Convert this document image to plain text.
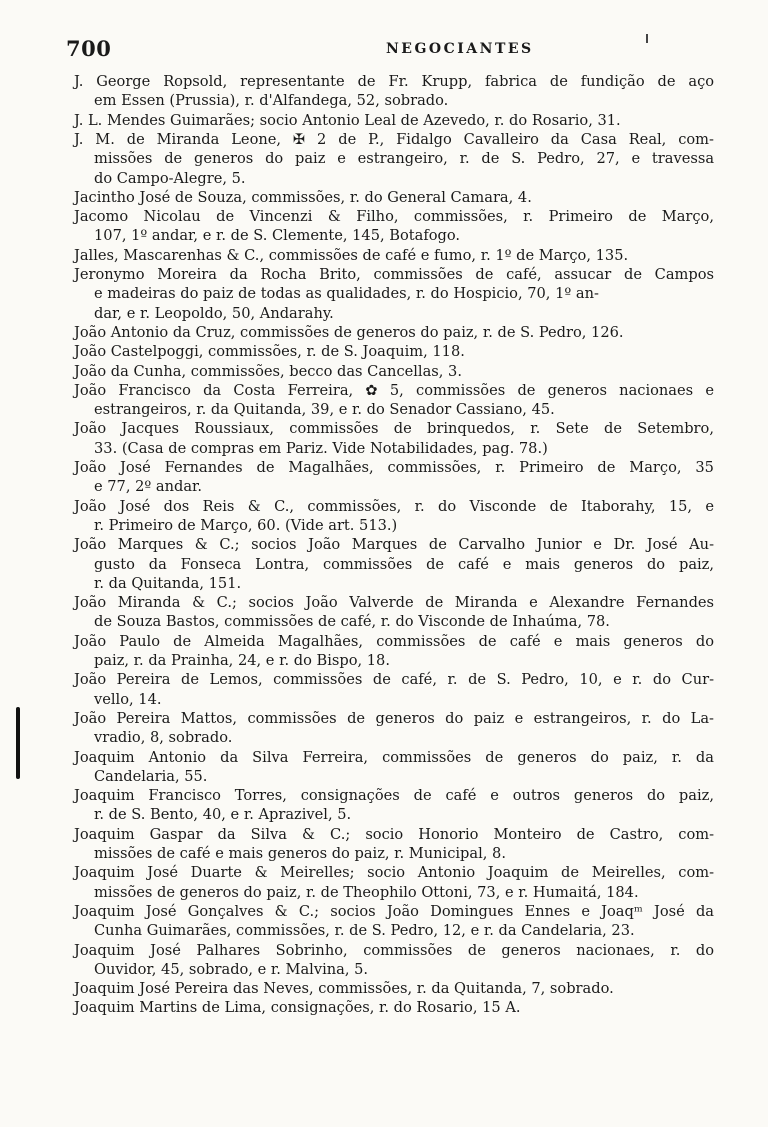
700	NEGOCIANTES
J. George Ropsold, representante de Fr. Krupp, fabrica de fundição de aço
em Essen (Prussia), r. d'Alfandega, 52, sobrado.
J. L. Mendes Guimarães; socio Antonio Leal de Azevedo, r. do Rosario, 31.
J. M. de Miranda Leone, ✠ 2 de P., Fidalgo Cavalleiro da Casa Real, com-
missões de generos do paiz e estrangeiro, r. de S. Pedro, 27, e travessa
do Campo-Alegre, 5.
Jacintho José de Souza, commissões, r. do General Camara, 4.
Jacomo Nicolau de Vincenzi & Filho, commissões, r. Primeiro de Março,
107, 1º andar, e r. de S. Clemente, 145, Botafogo.
Jalles, Mascarenhas & C., commissões de café e fumo, r. 1º de Março, 135.
Jeronymo Moreira da Rocha Brito, commissões de café, assucar de Campos
e madeiras do paiz de todas as qualidades, r. do Hospicio, 70, 1º an-
dar, e r. Leopoldo, 50, Andarahy.
João Antonio da Cruz, commissões de generos do paiz, r. de S. Pedro, 126.
João Castelpoggi, commissões, r. de S. Joaquim, 118.
João da Cunha, commissões, becco das Cancellas, 3.
João Francisco da Costa Ferreira, ✿ 5, commissões de generos nacionaes e
estrangeiros, r. da Quitanda, 39, e r. do Senador Cassiano, 45.
João Jacques Roussiaux, commissões de brinquedos, r. Sete de Setembro,
33. (Casa de compras em Pariz. Vide Notabilidades, pag. 78.)
João José Fernandes de Magalhães, commissões, r. Primeiro de Março, 35
e 77, 2º andar.
João José dos Reis & C., commissões, r. do Visconde de Itaborahy, 15, e
r. Primeiro de Março, 60. (Vide art. 513.)
João Marques & C.; socios João Marques de Carvalho Junior e Dr. José Au-
gusto da Fonseca Lontra, commissões de café e mais generos do paiz,
r. da Quitanda, 151.
João Miranda & C.; socios João Valverde de Miranda e Alexandre Fernandes
de Souza Bastos, commissões de café, r. do Visconde de Inhaúma, 78.
João Paulo de Almeida Magalhães, commissões de café e mais generos do
paiz, r. da Prainha, 24, e r. do Bispo, 18.
João Pereira de Lemos, commissões de café, r. de S. Pedro, 10, e r. do Cur-
vello, 14.
João Pereira Mattos, commissões de generos do paiz e estrangeiros, r. do La-
vradio, 8, sobrado.
Joaquim Antonio da Silva Ferreira, commissões de generos do paiz, r. da
Candelaria, 55.
Joaquim Francisco Torres, consignações de café e outros generos do paiz,
r. de S. Bento, 40, e r. Aprazivel, 5.
Joaquim Gaspar da Silva & C.; socio Honorio Monteiro de Castro, com-
missões de café e mais generos do paiz, r. Municipal, 8.
Joaquim José Duarte & Meirelles; socio Antonio Joaquim de Meirelles, com-
missões de generos do paiz, r. de Theophilo Ottoni, 73, e r. Humaitá, 184.
Joaquim José Gonçalves & C.; socios João Domingues Ennes e Joaqᵐ José da
Cunha Guimarães, commissões, r. de S. Pedro, 12, e r. da Candelaria, 23.
Joaquim José Palhares Sobrinho, commissões de generos nacionaes, r. do
Ouvidor, 45, sobrado, e r. Malvina, 5.
Joaquim José Pereira das Neves, commissões, r. da Quitanda, 7, sobrado.
Joaquim Martins de Lima, consignações, r. do Rosario, 15 A.
